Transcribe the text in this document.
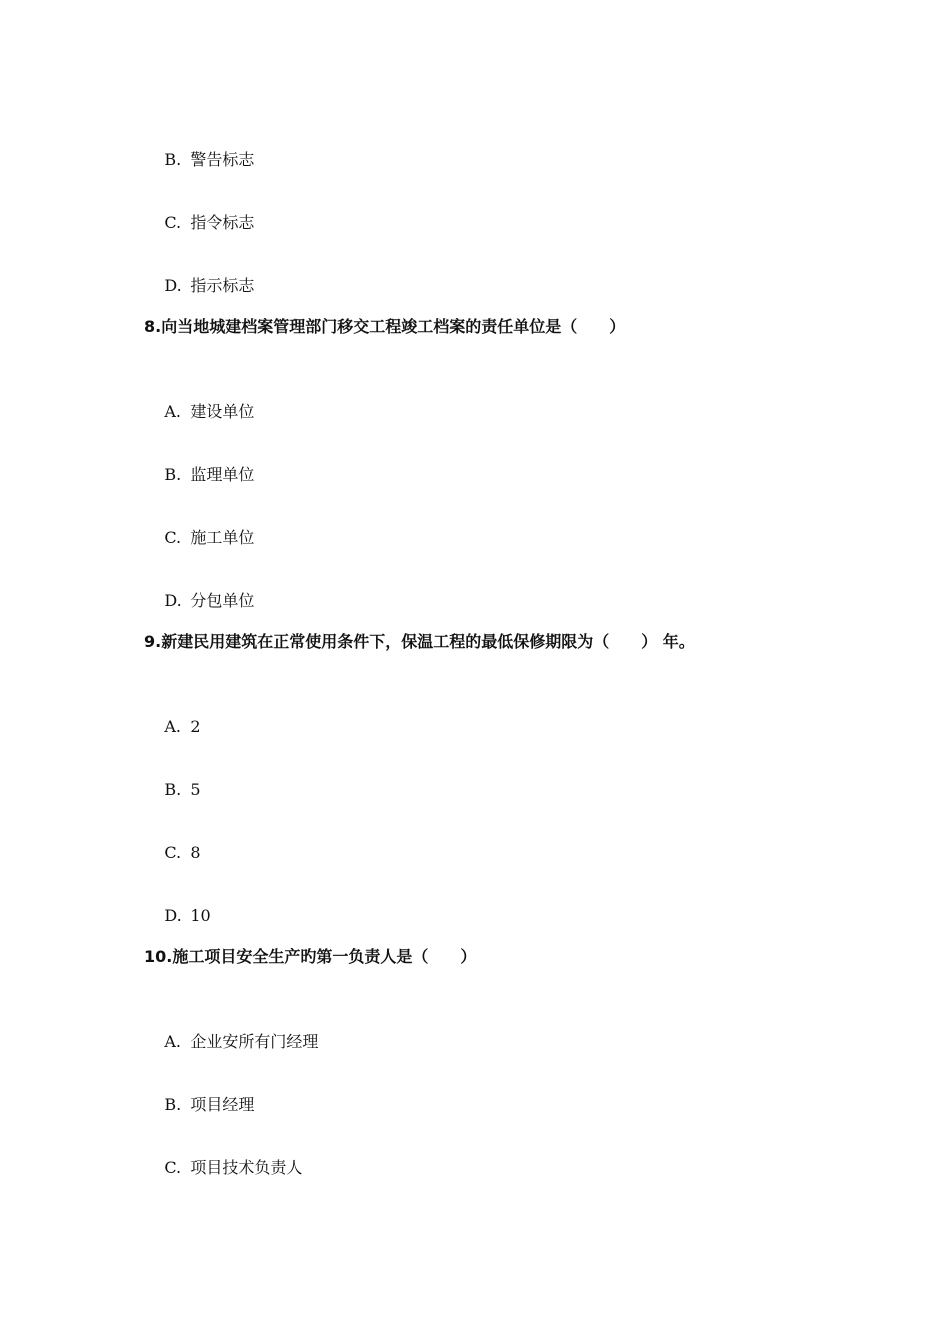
B. 警告标志

C. 指令标志

D. 指示标志

8.向当地城建档案管理部门移交工程竣工档案的责任单位是（　　）

A. 建设单位

B. 监理单位

C. 施工单位

D. 分包单位

9.新建民用建筑在正常使用条件下，保温工程的最低保修期限为（　　） 年。

A. 2

B. 5

C. 8

D. 10

10.施工项目安全生产旳第一负责人是（　　）

A. 企业安所有门经理

B. 项目经理

C. 项目技术负责人
